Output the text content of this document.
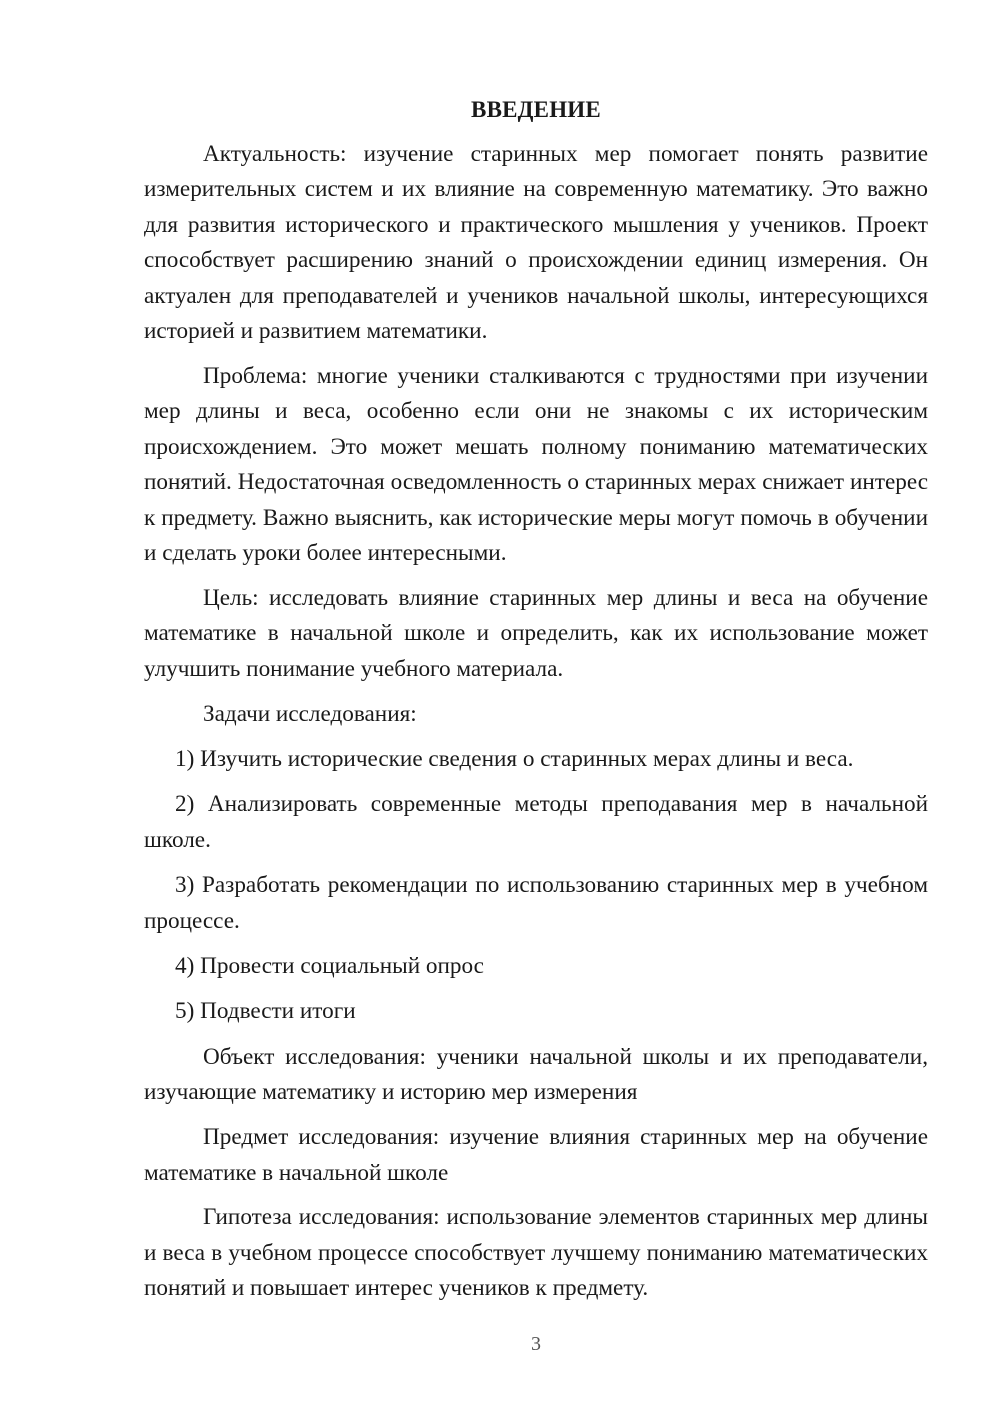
ВВЕДЕНИЕ

Актуальность: изучение старинных мер помогает понять развитие измерительных систем и их влияние на современную математику. Это важно для развития исторического и практического мышления у учеников. Проект способствует расширению знаний о происхождении единиц измерения. Он актуален для преподавателей и учеников начальной школы, интересующихся историей и развитием математики.

Проблема: многие ученики сталкиваются с трудностями при изучении мер длины и веса, особенно если они не знакомы с их историческим происхождением. Это может мешать полному пониманию математических понятий. Недостаточная осведомленность о старинных мерах снижает интерес к предмету. Важно выяснить, как исторические меры могут помочь в обучении и сделать уроки более интересными.

Цель: исследовать влияние старинных мер длины и веса на обучение математике в начальной школе и определить, как их использование может улучшить понимание учебного материала.

Задачи исследования:

1) Изучить исторические сведения о старинных мерах длины и веса.

2) Анализировать современные методы преподавания мер в начальной школе.

3) Разработать рекомендации по использованию старинных мер в учебном процессе.

4) Провести социальный опрос

5) Подвести итоги

Объект исследования: ученики начальной школы и их преподаватели, изучающие математику и историю мер измерения

Предмет исследования: изучение влияния старинных мер на обучение математике в начальной школе

Гипотеза исследования: использование элементов старинных мер длины и веса в учебном процессе способствует лучшему пониманию математических понятий и повышает интерес учеников к предмету.

3
